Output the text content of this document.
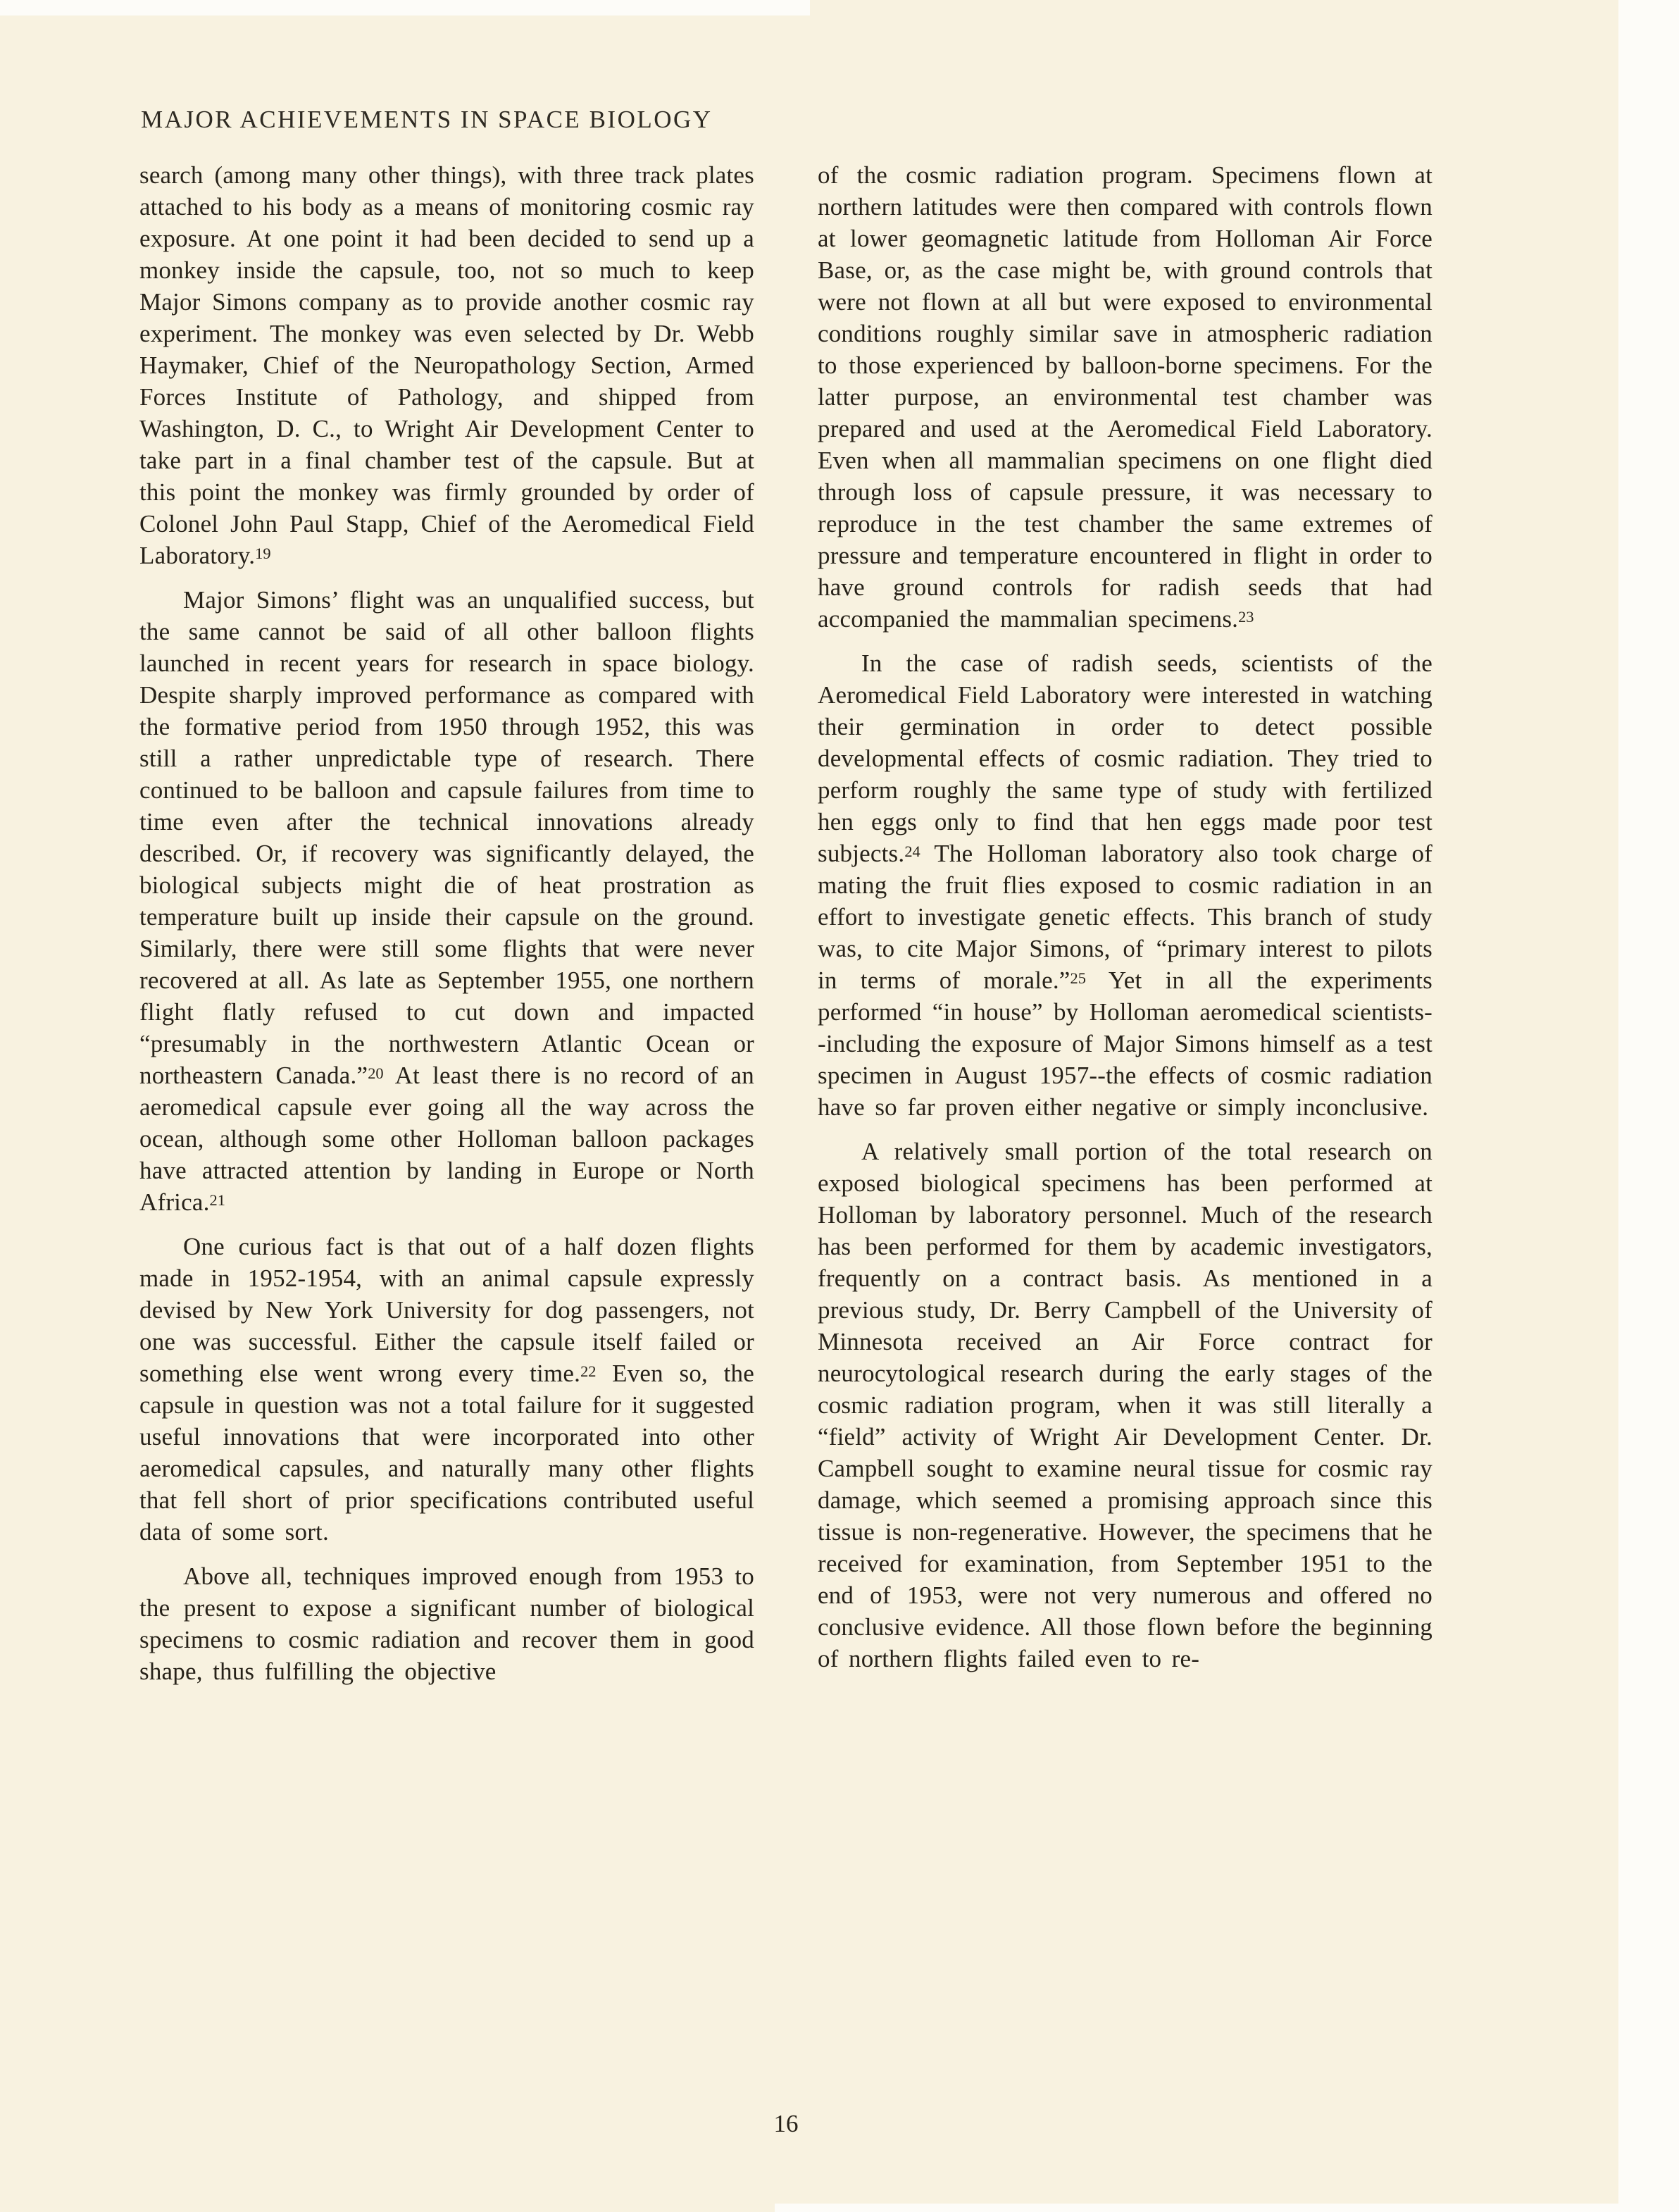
MAJOR ACHIEVEMENTS IN SPACE BIOLOGY

search (among many other things), with three track plates attached to his body as a means of monitoring cosmic ray exposure. At one point it had been decided to send up a monkey inside the capsule, too, not so much to keep Major Simons company as to provide another cosmic ray experiment. The monkey was even selected by Dr. Webb Haymaker, Chief of the Neuropathology Section, Armed Forces Institute of Pathology, and shipped from Washington, D. C., to Wright Air Development Center to take part in a final chamber test of the capsule. But at this point the monkey was firmly grounded by order of Colonel John Paul Stapp, Chief of the Aeromedical Field Laboratory.$^{19}$

Major Simons’ flight was an unqualified success, but the same cannot be said of all other balloon flights launched in recent years for research in space biology. Despite sharply improved performance as compared with the formative period from 1950 through 1952, this was still a rather unpredictable type of research. There continued to be balloon and capsule failures from time to time even after the technical innovations already described. Or, if recovery was significantly delayed, the biological subjects might die of heat prostration as temperature built up inside their capsule on the ground. Similarly, there were still some flights that were never recovered at all. As late as September 1955, one northern flight flatly refused to cut down and impacted “presumably in the northwestern Atlantic Ocean or northeastern Canada.”$^{20}$ At least there is no record of an aeromedical capsule ever going all the way across the ocean, although some other Holloman balloon packages have attracted attention by landing in Europe or North Africa.$^{21}$

One curious fact is that out of a half dozen flights made in 1952-1954, with an animal capsule expressly devised by New York University for dog passengers, not one was successful. Either the capsule itself failed or something else went wrong every time.$^{22}$ Even so, the capsule in question was not a total failure for it suggested useful innovations that were incorporated into other aeromedical capsules, and naturally many other flights that fell short of prior specifications contributed useful data of some sort.

Above all, techniques improved enough from 1953 to the present to expose a significant number of biological specimens to cosmic radiation and recover them in good shape, thus fulfilling the objective

of the cosmic radiation program. Specimens flown at northern latitudes were then compared with controls flown at lower geomagnetic latitude from Holloman Air Force Base, or, as the case might be, with ground controls that were not flown at all but were exposed to environmental conditions roughly similar save in atmospheric radiation to those experienced by balloon-borne specimens. For the latter purpose, an environmental test chamber was prepared and used at the Aeromedical Field Laboratory. Even when all mammalian specimens on one flight died through loss of capsule pressure, it was necessary to reproduce in the test chamber the same extremes of pressure and temperature encountered in flight in order to have ground controls for radish seeds that had accompanied the mammalian specimens.$^{23}$

In the case of radish seeds, scientists of the Aeromedical Field Laboratory were interested in watching their germination in order to detect possible developmental effects of cosmic radiation. They tried to perform roughly the same type of study with fertilized hen eggs only to find that hen eggs made poor test subjects.$^{24}$ The Holloman laboratory also took charge of mating the fruit flies exposed to cosmic radiation in an effort to investigate genetic effects. This branch of study was, to cite Major Simons, of “primary interest to pilots in terms of morale.”$^{25}$ Yet in all the experiments performed “in house” by Holloman aeromedical scientists--including the exposure of Major Simons himself as a test specimen in August 1957--the effects of cosmic radiation have so far proven either negative or simply inconclusive.

A relatively small portion of the total research on exposed biological specimens has been performed at Holloman by laboratory personnel. Much of the research has been performed for them by academic investigators, frequently on a contract basis. As mentioned in a previous study, Dr. Berry Campbell of the University of Minnesota received an Air Force contract for neurocytological research during the early stages of the cosmic radiation program, when it was still literally a “field” activity of Wright Air Development Center. Dr. Campbell sought to examine neural tissue for cosmic ray damage, which seemed a promising approach since this tissue is non-regenerative. However, the specimens that he received for examination, from September 1951 to the end of 1953, were not very numerous and offered no conclusive evidence. All those flown before the beginning of northern flights failed even to re-

16
